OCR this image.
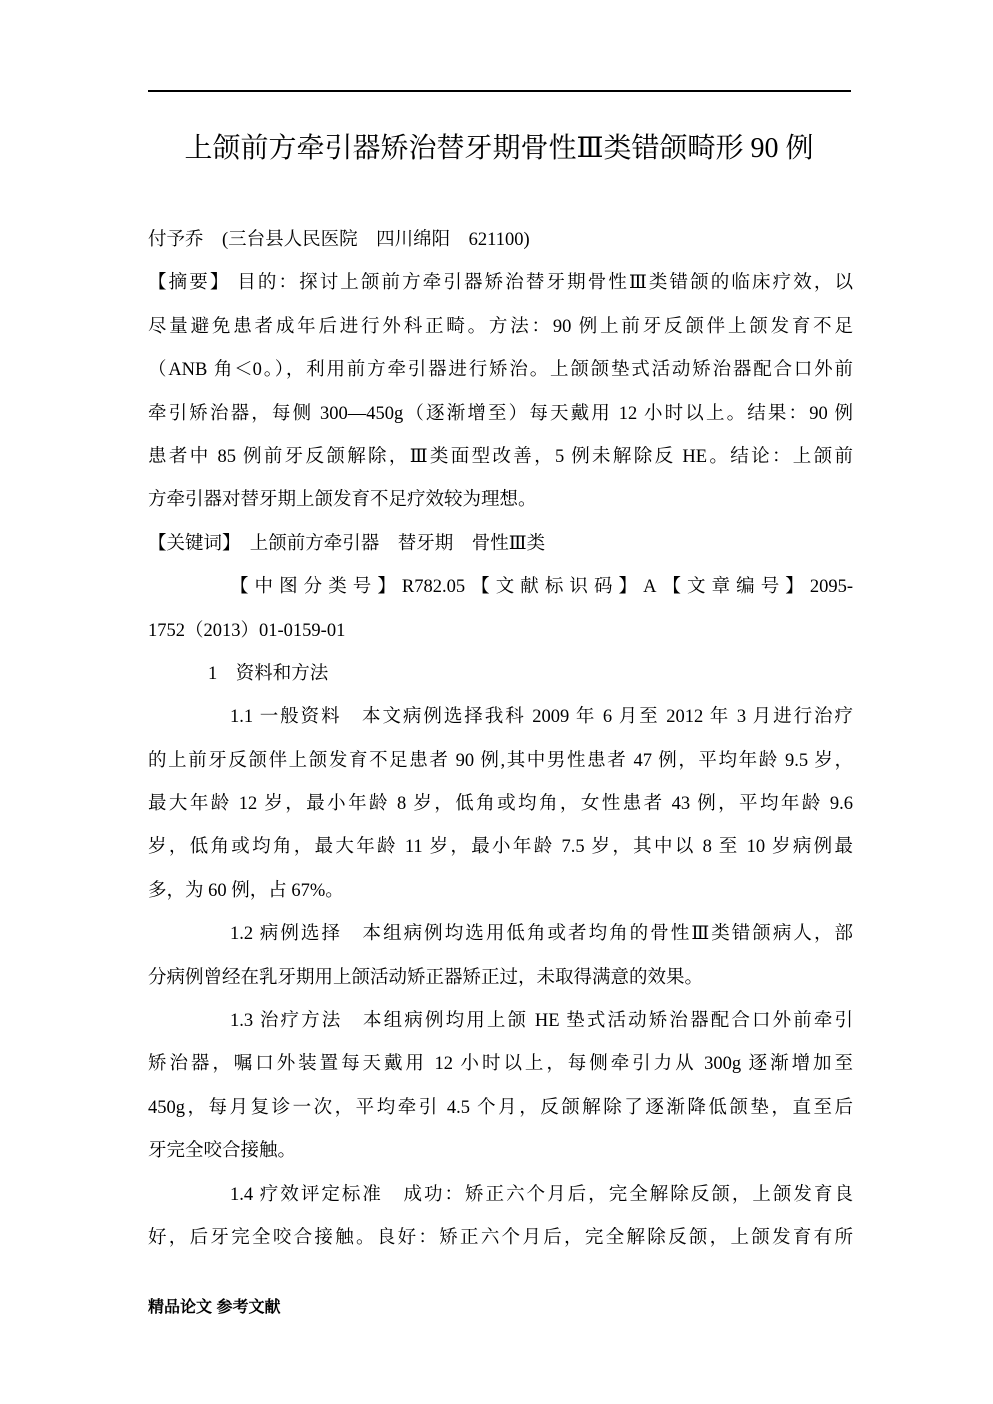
上颌前方牵引器矫治替牙期骨性Ⅲ类错颌畸形 90 例
付予乔　(三台县人民医院　四川绵阳　621100)
【摘要】 目的：探讨上颌前方牵引器矫治替牙期骨性Ⅲ类错颌的临床疗效，以
尽量避免患者成年后进行外科正畸。方法：90 例上前牙反颌伴上颌发育不足
（ANB 角＜0。），利用前方牵引器进行矫治。上颌颌垫式活动矫治器配合口外前
牵引矫治器，每侧 300—450g（逐渐增至）每天戴用 12 小时以上。结果：90 例
患者中 85 例前牙反颌解除，Ⅲ类面型改善，5 例未解除反 HE。结论：上颌前
方牵引器对替牙期上颌发育不足疗效较为理想。
【关键词】　上颌前方牵引器　替牙期　骨性Ⅲ类
【中图分类号】R782.05【文献标识码】A【文章编号】2095-
1752（2013）01-0159-01
1　资料和方法
1.1 一般资料　本文病例选择我科 2009 年 6 月至 2012 年 3 月进行治疗
的上前牙反颌伴上颌发育不足患者 90 例,其中男性患者 47 例，平均年龄 9.5 岁，
最大年龄 12 岁，最小年龄 8 岁，低角或均角，女性患者 43 例，平均年龄 9.6
岁，低角或均角，最大年龄 11 岁，最小年龄 7.5 岁，其中以 8 至 10 岁病例最
多，为 60 例，占 67%。
1.2 病例选择　本组病例均选用低角或者均角的骨性Ⅲ类错颌病人，部
分病例曾经在乳牙期用上颌活动矫正器矫正过，未取得满意的效果。
1.3 治疗方法　本组病例均用上颌 HE 垫式活动矫治器配合口外前牵引
矫治器，嘱口外装置每天戴用 12 小时以上，每侧牵引力从 300g 逐渐增加至
450g，每月复诊一次，平均牵引 4.5 个月，反颌解除了逐渐降低颌垫，直至后
牙完全咬合接触。
1.4 疗效评定标准　成功：矫正六个月后，完全解除反颌，上颌发育良
好，后牙完全咬合接触。良好：矫正六个月后，完全解除反颌，上颌发育有所
精品论文 参考文献
